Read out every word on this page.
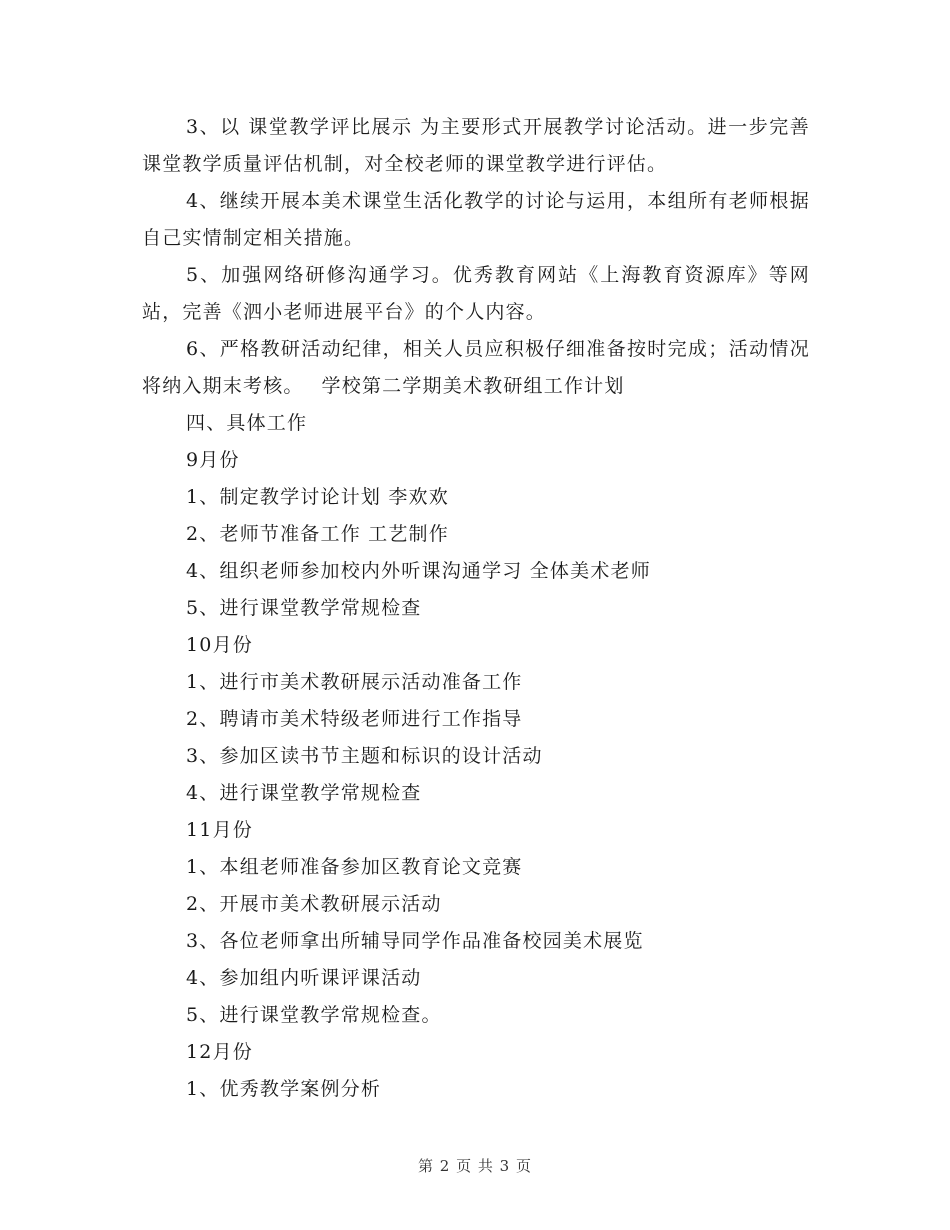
3、以 课堂教学评比展示 为主要形式开展教学讨论活动。进一步完善课堂教学质量评估机制，对全校老师的课堂教学进行评估。

4、继续开展本美术课堂生活化教学的讨论与运用，本组所有老师根据自己实情制定相关措施。

5、加强网络研修沟通学习。优秀教育网站《上海教育资源库》等网站，完善《泗小老师进展平台》的个人内容。

6、严格教研活动纪律，相关人员应积极仔细准备按时完成；活动情况将纳入期末考核。　 学校第二学期美术教研组工作计划

四、具体工作

9月份

1、制定教学讨论计划 李欢欢

2、老师节准备工作 工艺制作

4、组织老师参加校内外听课沟通学习 全体美术老师

5、进行课堂教学常规检查

10月份

1、进行市美术教研展示活动准备工作

2、聘请市美术特级老师进行工作指导

3、参加区读书节主题和标识的设计活动

4、进行课堂教学常规检查

11月份

1、本组老师准备参加区教育论文竞赛

2、开展市美术教研展示活动

3、各位老师拿出所辅导同学作品准备校园美术展览

4、参加组内听课评课活动

5、进行课堂教学常规检查。

12月份

1、优秀教学案例分析

第 2 页 共 3 页
